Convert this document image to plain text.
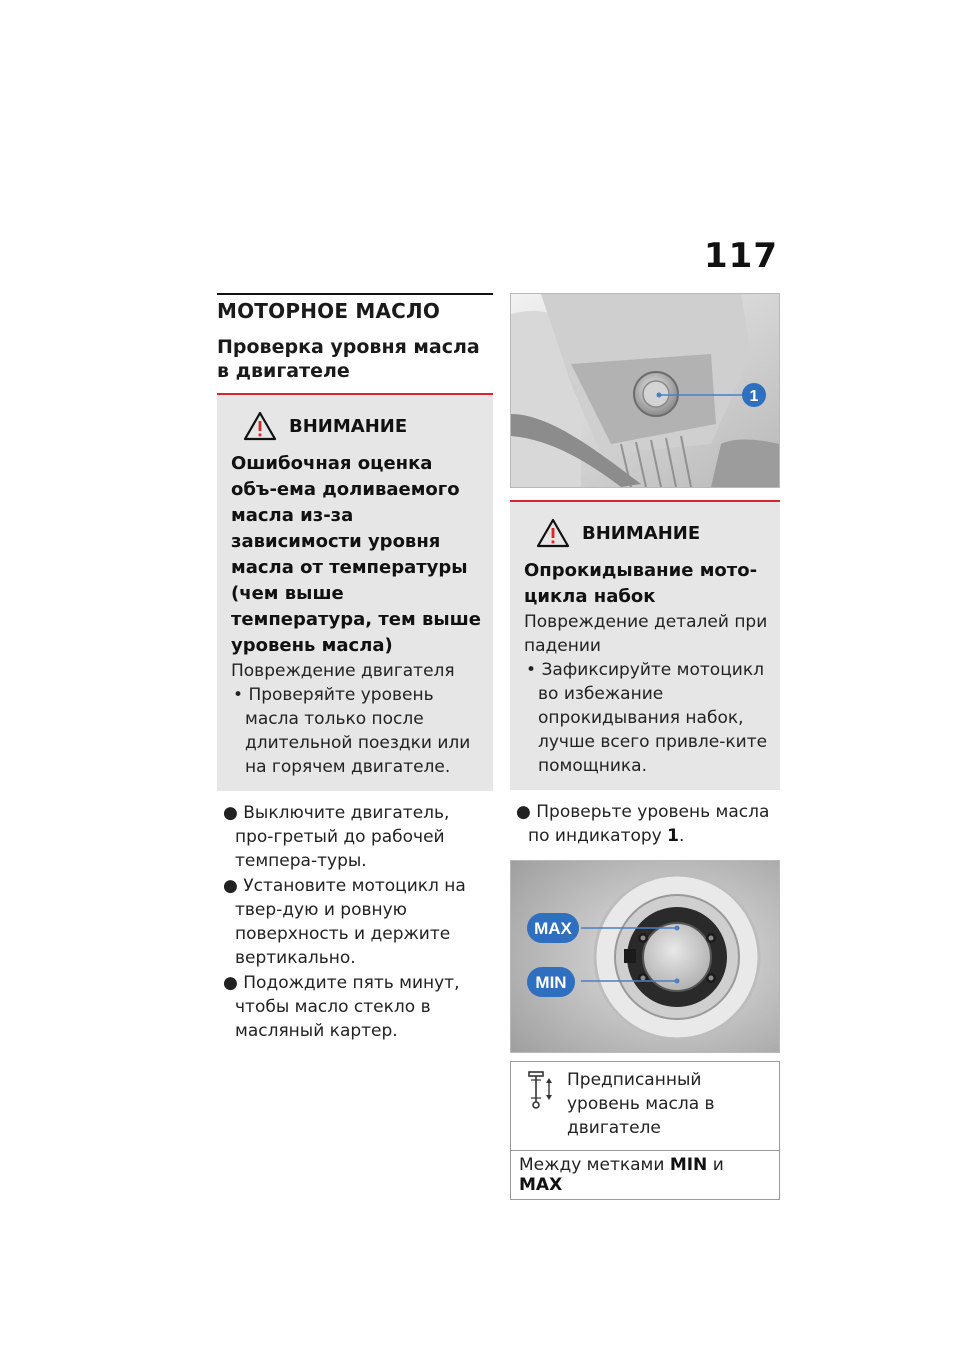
117
МОТОРНОЕ МАСЛО
Проверка уровня масла в двигателе
ВНИМАНИЕ
Ошибочная оценка объ-ема доливаемого масла из-за зависимости уровня масла от температуры (чем выше температура, тем выше уровень масла)
Повреждение двигателя
• Проверяйте уровень масла только после длительной поездки или на горячем двигателе.
● Выключите двигатель, про-гретый до рабочей темпера-туры.
● Установите мотоцикл на твер-дую и ровную поверхность и держите вертикально.
● Подождите пять минут, чтобы масло стекло в масляный картер.
1
ВНИМАНИЕ
Опрокидывание мото-цикла набок
Повреждение деталей при падении
• Зафиксируйте мотоцикл во избежание опрокидывания набок, лучше всего привле-ките помощника.
● Проверьте уровень масла по индикатору 1.
MAX
MIN
Предписанный уровень масла в двигателе
Между метками MIN и MAX
